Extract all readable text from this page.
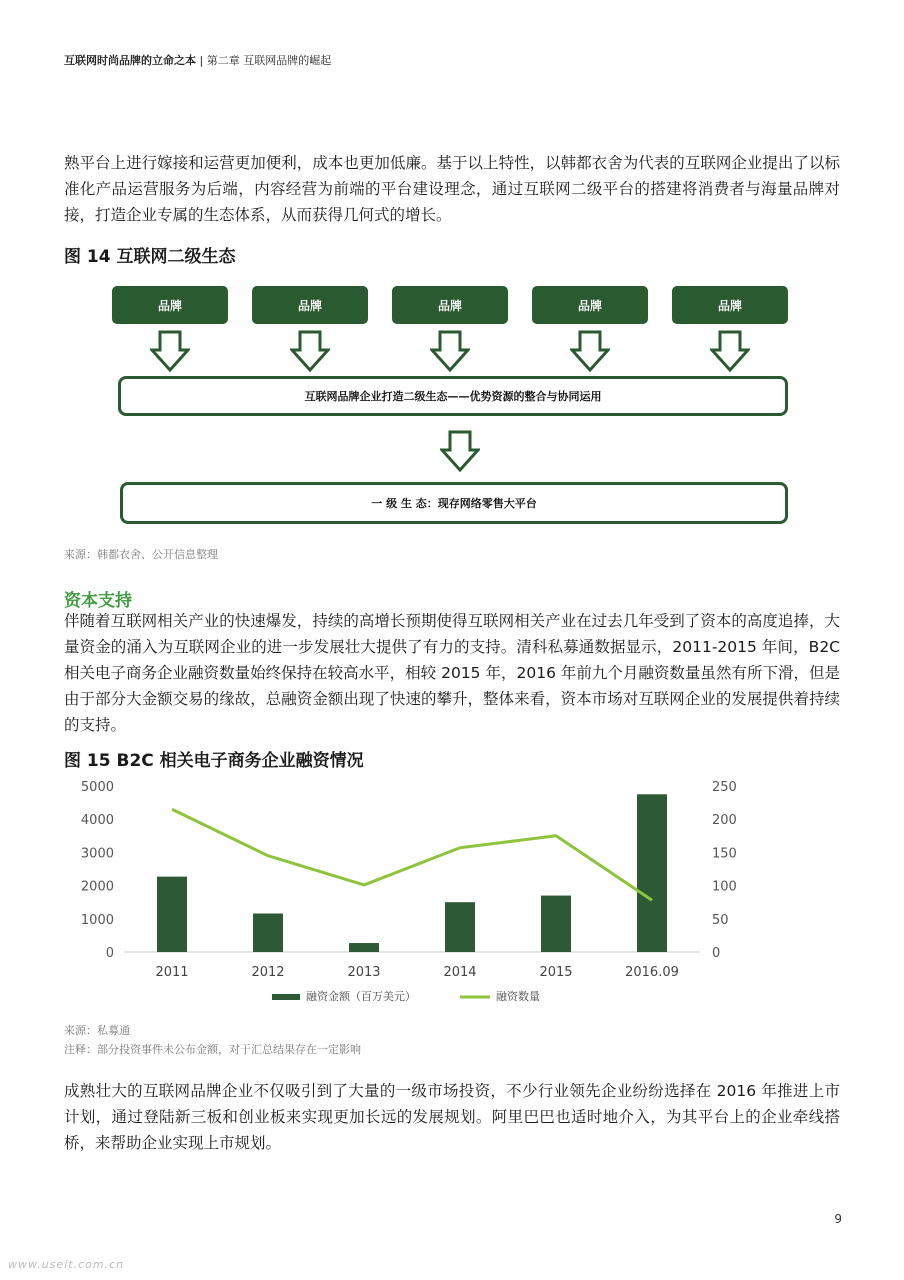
互联网时尚品牌的立命之本 | 第二章 互联网品牌的崛起

熟平台上进行嫁接和运营更加便利，成本也更加低廉。基于以上特性，以韩都衣舍为代表的互联网企业提出了以标准化产品运营服务为后端，内容经营为前端的平台建设理念，通过互联网二级平台的搭建将消费者与海量品牌对接，打造企业专属的生态体系，从而获得几何式的增长。

图 14 互联网二级生态
品牌	品牌	品牌	品牌	品牌
互联网品牌企业打造二级生态——优势资源的整合与协同运用
一 级 生 态：现存网络零售大平台
来源：韩都衣舍、公开信息整理
资本支持

伴随着互联网相关产业的快速爆发，持续的高增长预期使得互联网相关产业在过去几年受到了资本的高度追捧，大量资金的涌入为互联网企业的进一步发展壮大提供了有力的支持。清科私募通数据显示，2011-2015 年间，B2C 相关电子商务企业融资数量始终保持在较高水平，相较 2015 年，2016 年前九个月融资数量虽然有所下滑，但是由于部分大金额交易的缘故，总融资金额出现了快速的攀升，整体来看，资本市场对互联网企业的发展提供着持续的支持。

图 15 B2C 相关电子商务企业融资情况
0
1000
2000
3000
4000
5000
0
50
100
150
200
250
2011	2012	2013	2014	2015	2016.09
融资金额（百万美元）	融资数量
来源：私募通
注释：部分投资事件未公布金额，对于汇总结果存在一定影响

成熟壮大的互联网品牌企业不仅吸引到了大量的一级市场投资，不少行业领先企业纷纷选择在 2016 年推进上市计划，通过登陆新三板和创业板来实现更加长远的发展规划。阿里巴巴也适时地介入，为其平台上的企业牵线搭桥，来帮助企业实现上市规划。

9
www.useit.com.cn
